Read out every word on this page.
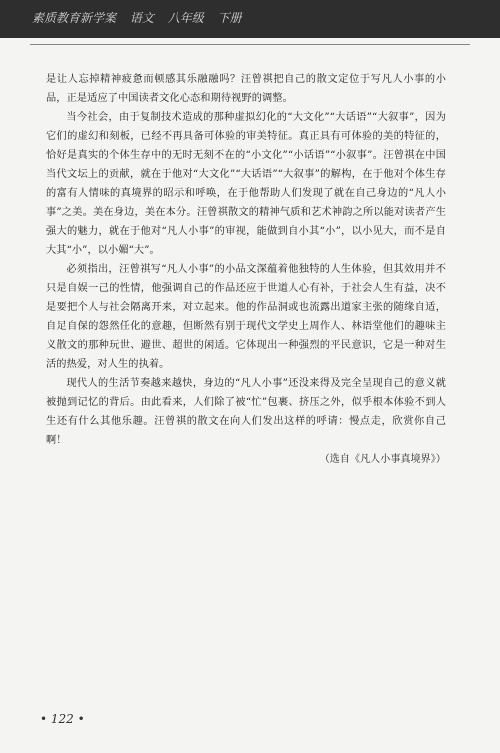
素质教育新学案 语文 八年级 下册

是让人忘掉精神疲惫而顿感其乐融融吗？汪曾祺把自己的散文定位于写凡人小事的小品，正是适应了中国读者文化心态和期待视野的调整。

当今社会，由于复制技术造成的那种虚拟幻化的“大文化”“大话语”“大叙事”，因为它们的虚幻和刻板，已经不再具备可体验的审美特征。真正具有可体验的美的特征的，恰好是真实的个体生存中的无时无刻不在的“小文化”“小话语”“小叙事”。汪曾祺在中国当代文坛上的贡献，就在于他对“大文化”“大话语”“大叙事”的解构，在于他对个体生存的富有人情味的真境界的昭示和呼唤，在于他帮助人们发现了就在自己身边的“凡人小事”之美。美在身边，美在本分。汪曾祺散文的精神气质和艺术神韵之所以能对读者产生强大的魅力，就在于他对“凡人小事”的审视，能做到自小其“小”，以小见大，而不是自大其“小”，以小媚“大”。

必须指出，汪曾祺写“凡人小事”的小品文深蕴着他独特的人生体验，但其效用并不只是自娱一己的性情，他强调自己的作品还应于世道人心有补，于社会人生有益，决不是要把个人与社会隔离开来，对立起来。他的作品洞或也流露出道家主张的随缘自适，自足自保的怨然任化的意趣，但断然有别于现代文学史上周作人、林语堂他们的趣味主义散文的那种玩世、避世、超世的闲适。它体现出一种强烈的平民意识，它是一种对生活的热爱，对人生的执着。

现代人的生活节奏越来越快，身边的“凡人小事”还没来得及完全呈现自己的意义就被抛到记忆的背后。由此看来，人们除了被“忙”包裹、挤压之外，似乎根本体验不到人生还有什么其他乐趣。汪曾祺的散文在向人们发出这样的呼请：慢点走，欣赏你自己啊！

（选自《凡人小事真境界》）

• 122 •
